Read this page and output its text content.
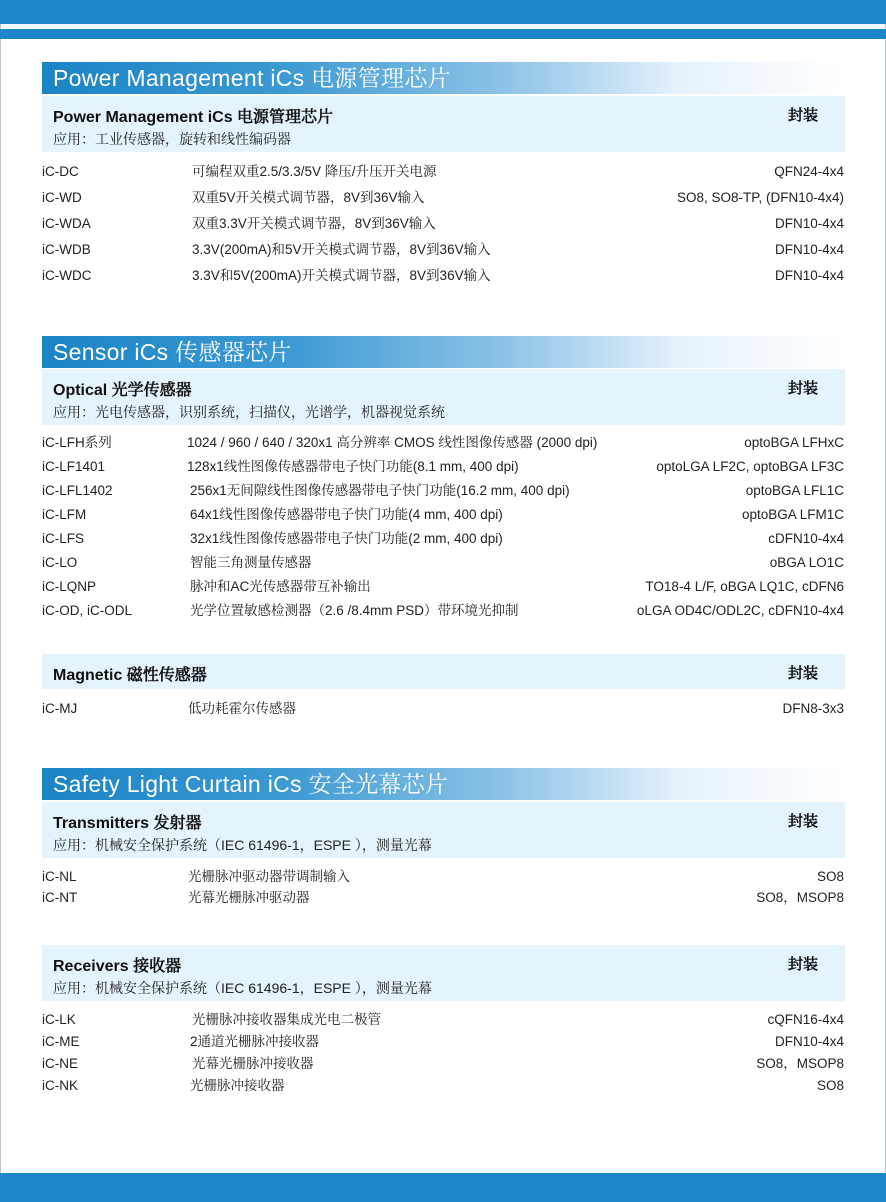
Power Management iCs 电源管理芯片
Power Management iCs 电源管理芯片	封装
应用：工业传感器，旋转和线性编码器
iC-DC	可编程双重2.5/3.3/5V 降压/升压开关电源	QFN24-4x4
iC-WD	双重5V开关模式调节器，8V到36V输入	SO8, SO8-TP, (DFN10-4x4)
iC-WDA	双重3.3V开关模式调节器，8V到36V输入	DFN10-4x4
iC-WDB	3.3V(200mA)和5V开关模式调节器，8V到36V输入	DFN10-4x4
iC-WDC	3.3V和5V(200mA)开关模式调节器，8V到36V输入	DFN10-4x4
Sensor iCs 传感器芯片
Optical 光学传感器	封装
应用：光电传感器，识别系统，扫描仪，光谱学，机器视觉系统
iC-LFH系列	1024 / 960 / 640 / 320x1 高分辨率 CMOS 线性图像传感器 (2000 dpi)	optoBGA LFHxC
iC-LF1401	128x1线性图像传感器带电子快门功能(8.1 mm, 400 dpi)	optoLGA LF2C, optoBGA LF3C
iC-LFL1402	256x1无间隙线性图像传感器带电子快门功能(16.2 mm, 400 dpi)	optoBGA LFL1C
iC-LFM	64x1线性图像传感器带电子快门功能(4 mm, 400 dpi)	optoBGA LFM1C
iC-LFS	32x1线性图像传感器带电子快门功能(2 mm, 400 dpi)	cDFN10-4x4
iC-LO	智能三角测量传感器	oBGA LO1C
iC-LQNP	脉冲和AC光传感器带互补输出	TO18-4 L/F, oBGA LQ1C, cDFN6
iC-OD, iC-ODL	光学位置敏感检测器（2.6 /8.4mm PSD）带环境光抑制	oLGA OD4C/ODL2C, cDFN10-4x4
Magnetic 磁性传感器	封装
iC-MJ	低功耗霍尔传感器	DFN8-3x3
Safety Light Curtain iCs 安全光幕芯片
Transmitters 发射器	封装
应用：机械安全保护系统（IEC 61496-1，ESPE ），测量光幕
iC-NL	光栅脉冲驱动器带调制输入	SO8
iC-NT	光幕光栅脉冲驱动器	SO8，MSOP8
Receivers 接收器	封装
应用：机械安全保护系统（IEC 61496-1，ESPE ），测量光幕
iC-LK	光栅脉冲接收器集成光电二极管	cQFN16-4x4
iC-ME	2通道光栅脉冲接收器	DFN10-4x4
iC-NE	光幕光栅脉冲接收器	SO8，MSOP8
iC-NK	光栅脉冲接收器	SO8
